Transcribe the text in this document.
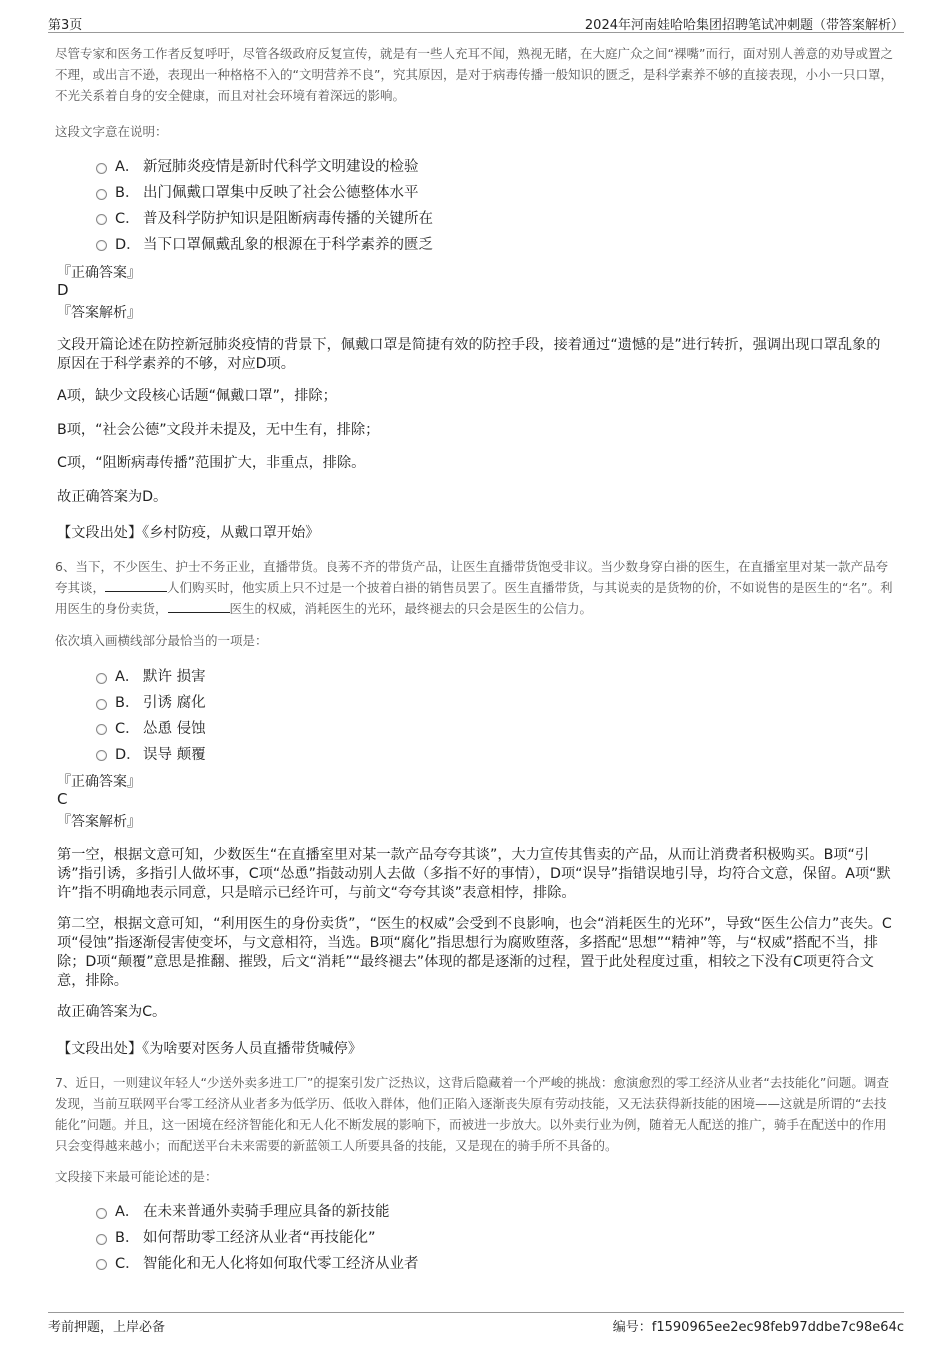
第3页	2024年河南娃哈哈集团招聘笔试冲刺题（带答案解析）
尽管专家和医务工作者反复呼吁，尽管各级政府反复宣传，就是有一些人充耳不闻，熟视无睹，在大庭广众之间“裸嘴”而行，面对别人善意的劝导或置之不理，或出言不逊，表现出一种格格不入的“文明营养不良”，究其原因，是对于病毒传播一般知识的匮乏，是科学素养不够的直接表现，小小一只口罩，不光关系着自身的安全健康，而且对社会环境有着深远的影响。
这段文字意在说明：
A． 新冠肺炎疫情是新时代科学文明建设的检验
B． 出门佩戴口罩集中反映了社会公德整体水平
C． 普及科学防护知识是阻断病毒传播的关键所在
D． 当下口罩佩戴乱象的根源在于科学素养的匮乏
『正确答案』
D
『答案解析』
文段开篇论述在防控新冠肺炎疫情的背景下，佩戴口罩是简捷有效的防控手段，接着通过“遗憾的是”进行转折，强调出现口罩乱象的原因在于科学素养的不够，对应D项。
A项，缺少文段核心话题“佩戴口罩”，排除；
B项，“社会公德”文段并未提及，无中生有，排除；
C项，“阻断病毒传播”范围扩大，非重点，排除。
故正确答案为D。
【文段出处】《乡村防疫，从戴口罩开始》
6、当下，不少医生、护士不务正业，直播带货。良莠不齐的带货产品，让医生直播带货饱受非议。当少数身穿白褂的医生，在直播室里对某一款产品夸夸其谈，	人们购买时，他实质上只不过是一个披着白褂的销售员罢了。医生直播带货，与其说卖的是货物的价，不如说售的是医生的“名”。利用医生的身份卖货，	医生的权威，消耗医生的光环，最终褪去的只会是医生的公信力。
依次填入画横线部分最恰当的一项是：
A． 默许 损害
B． 引诱 腐化
C． 怂恿 侵蚀
D． 误导 颠覆
『正确答案』
C
『答案解析』
第一空，根据文意可知，少数医生“在直播室里对某一款产品夸夸其谈”，大力宣传其售卖的产品，从而让消费者积极购买。B项“引诱”指引诱，多指引人做坏事，C项“怂恿”指鼓动别人去做（多指不好的事情），D项“误导”指错误地引导，均符合文意，保留。A项“默许”指不明确地表示同意，只是暗示已经许可，与前文“夸夸其谈”表意相悖，排除。
第二空，根据文意可知，“利用医生的身份卖货”，“医生的权威”会受到不良影响，也会“消耗医生的光环”，导致“医生公信力”丧失。C项“侵蚀”指逐渐侵害使变坏，与文意相符，当选。B项“腐化”指思想行为腐败堕落，多搭配“思想”“精神”等，与“权威”搭配不当，排除；D项“颠覆”意思是推翻、摧毁，后文“消耗”“最终褪去”体现的都是逐渐的过程，置于此处程度过重，相较之下没有C项更符合文意，排除。
故正确答案为C。
【文段出处】《为啥要对医务人员直播带货喊停》
7、近日，一则建议年轻人“少送外卖多进工厂”的提案引发广泛热议，这背后隐藏着一个严峻的挑战：愈演愈烈的零工经济从业者“去技能化”问题。调查发现，当前互联网平台零工经济从业者多为低学历、低收入群体，他们正陷入逐渐丧失原有劳动技能，又无法获得新技能的困境——这就是所谓的“去技能化”问题。并且，这一困境在经济智能化和无人化不断发展的影响下，而被进一步放大。以外卖行业为例，随着无人配送的推广，骑手在配送中的作用只会变得越来越小；而配送平台未来需要的新蓝领工人所要具备的技能，又是现在的骑手所不具备的。
文段接下来最可能论述的是：
A． 在未来普通外卖骑手理应具备的新技能
B． 如何帮助零工经济从业者“再技能化”
C． 智能化和无人化将如何取代零工经济从业者
考前押题，上岸必备	编号：f1590965ee2ec98feb97ddbe7c98e64c
